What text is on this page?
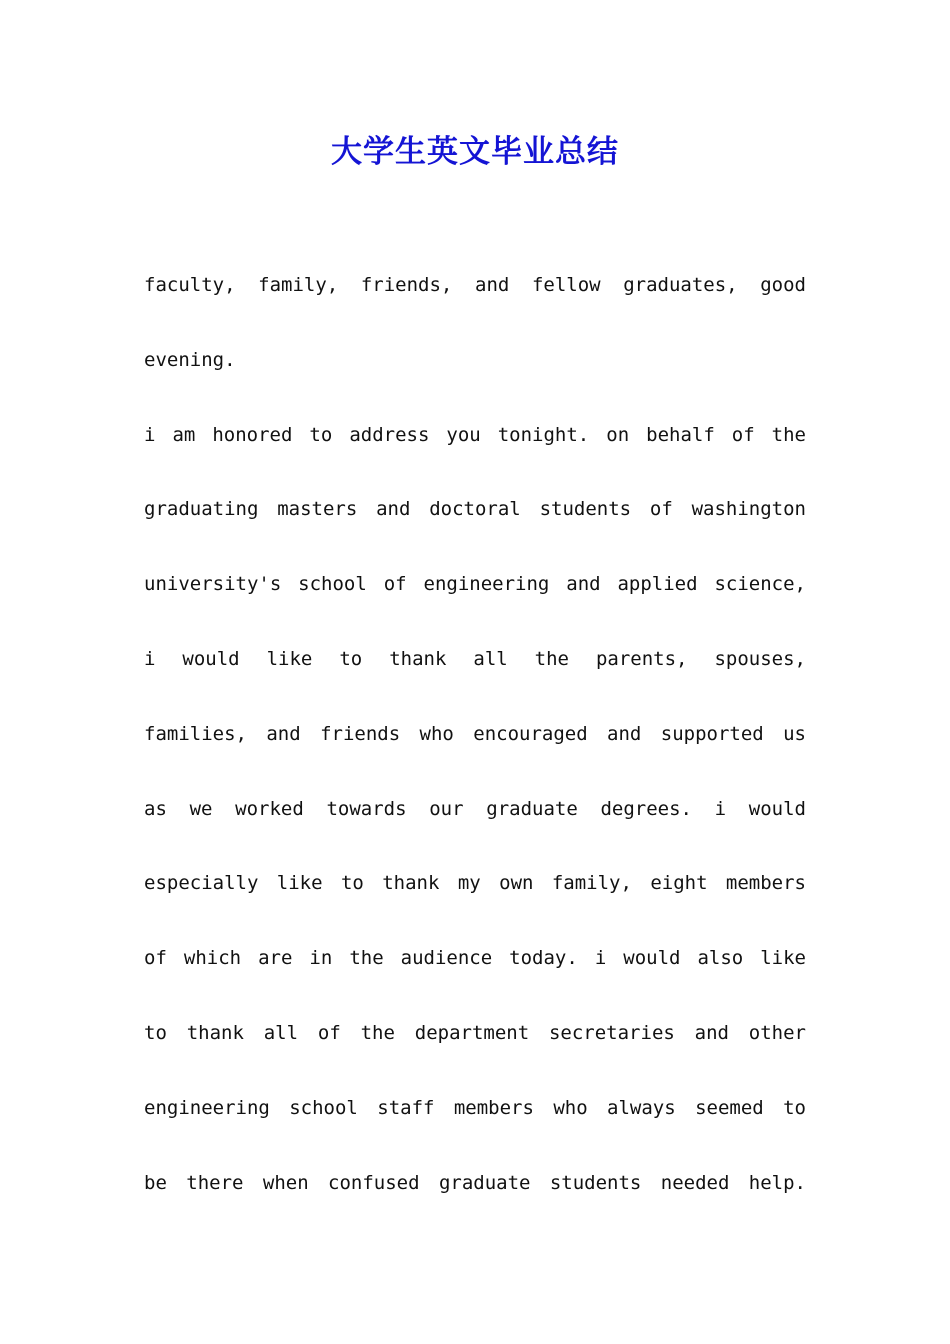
大学生英文毕业总结
faculty, family, friends, and fellow graduates, good
evening.
i am honored to address you tonight. on behalf of the
graduating masters and doctoral students of washington
university's school of engineering and applied science,
i would like to thank all the parents, spouses,
families, and friends who encouraged and supported us
as we worked towards our graduate degrees. i would
especially like to thank my own family, eight members
of which are in the audience today. i would also like
to thank all of the department secretaries and other
engineering school staff members who always seemed to
be there when confused graduate students needed help.
